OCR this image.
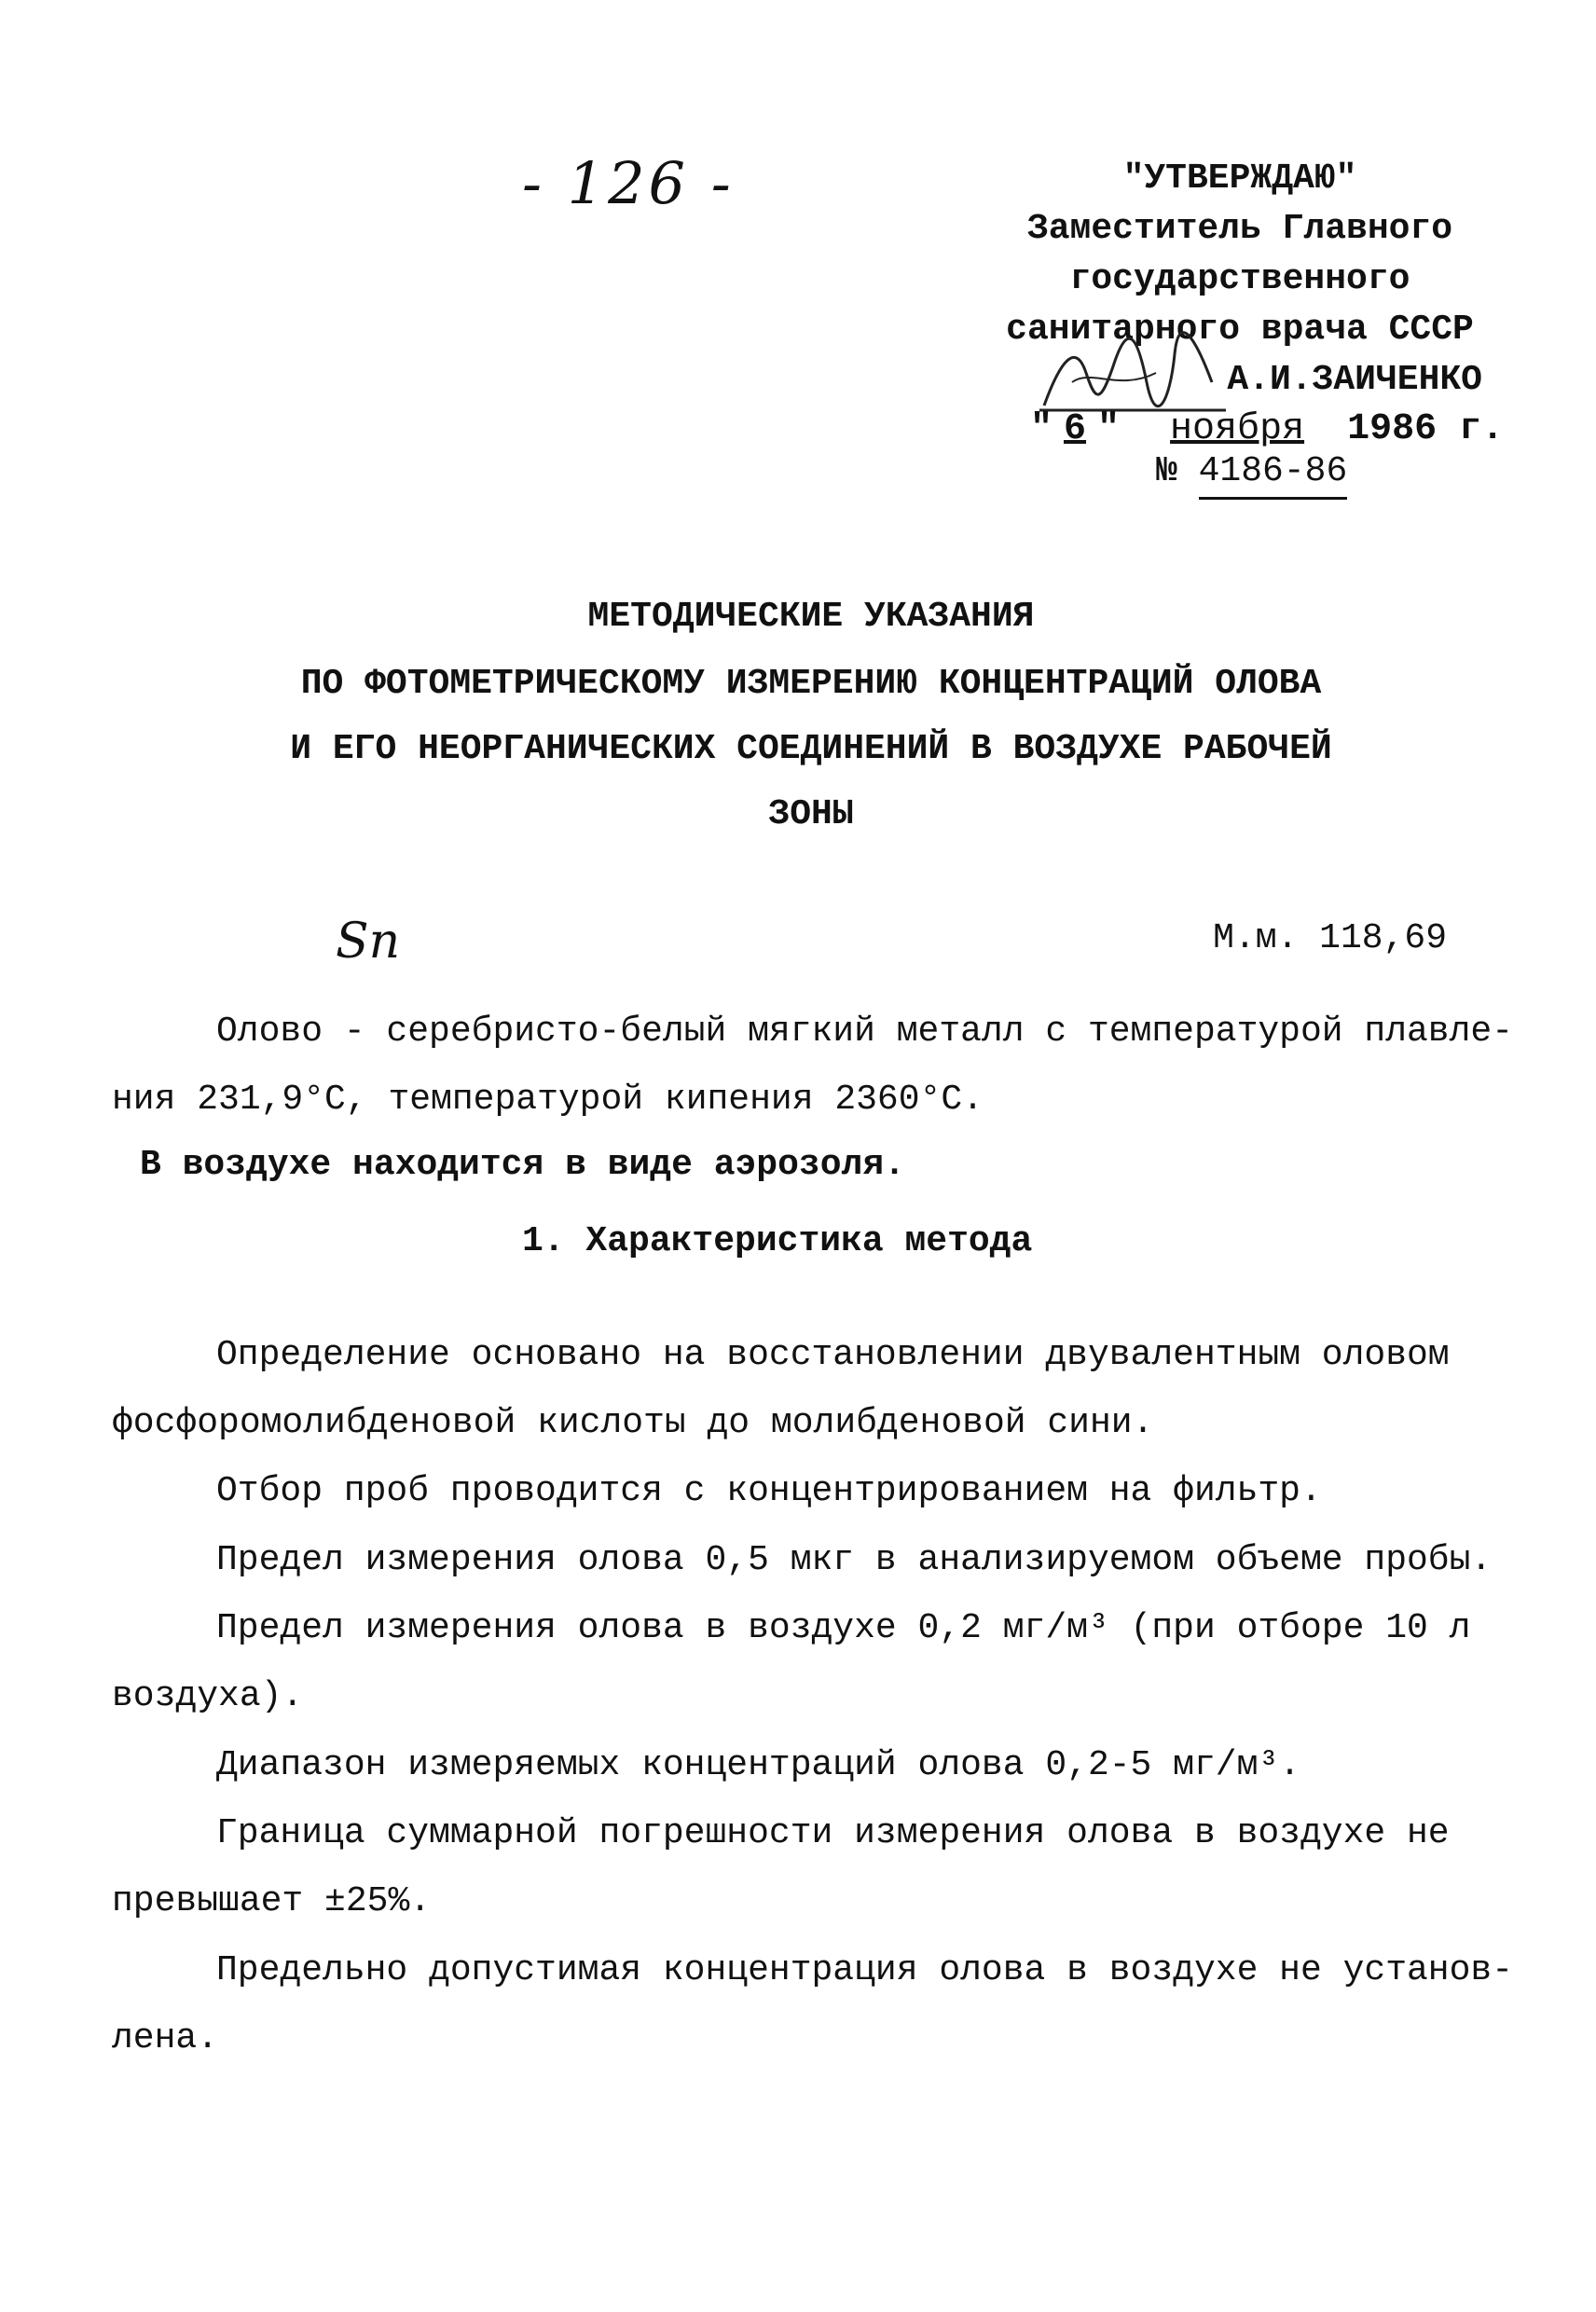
- 126 -	"УТВЕРЖДАЮ"
Заместитель Главного
государственного
санитарного врача СССР
А.И.ЗАИЧЕНКО
" 6 " ноября 1986 г.
№ 4186-86
МЕТОДИЧЕСКИЕ УКАЗАНИЯ
ПО ФОТОМЕТРИЧЕСКОМУ ИЗМЕРЕНИЮ КОНЦЕНТРАЦИЙ ОЛОВА
И ЕГО НЕОРГАНИЧЕСКИХ СОЕДИНЕНИЙ В ВОЗДУХЕ РАБОЧЕЙ
ЗОНЫ
Sn	М.м. 118,69
Олово - серебристо-белый мягкий металл с температурой плавле-
ния 231,9°С, температурой кипения 2360°С.
В воздухе находится в виде аэрозоля.
1. Характеристика метода
Определение основано на восстановлении двувалентным оловом
фосфоромолибденовой кислоты до молибденовой сини.
Отбор проб проводится с концентрированием на фильтр.
Предел измерения олова 0,5 мкг в анализируемом объеме пробы.
Предел измерения олова в воздухе 0,2 мг/м³ (при отборе 10 л
воздуха).
Диапазон измеряемых концентраций олова 0,2-5 мг/м³.
Граница суммарной погрешности измерения олова в воздухе не
превышает ±25%.
Предельно допустимая концентрация олова в воздухе не установ-
лена.
